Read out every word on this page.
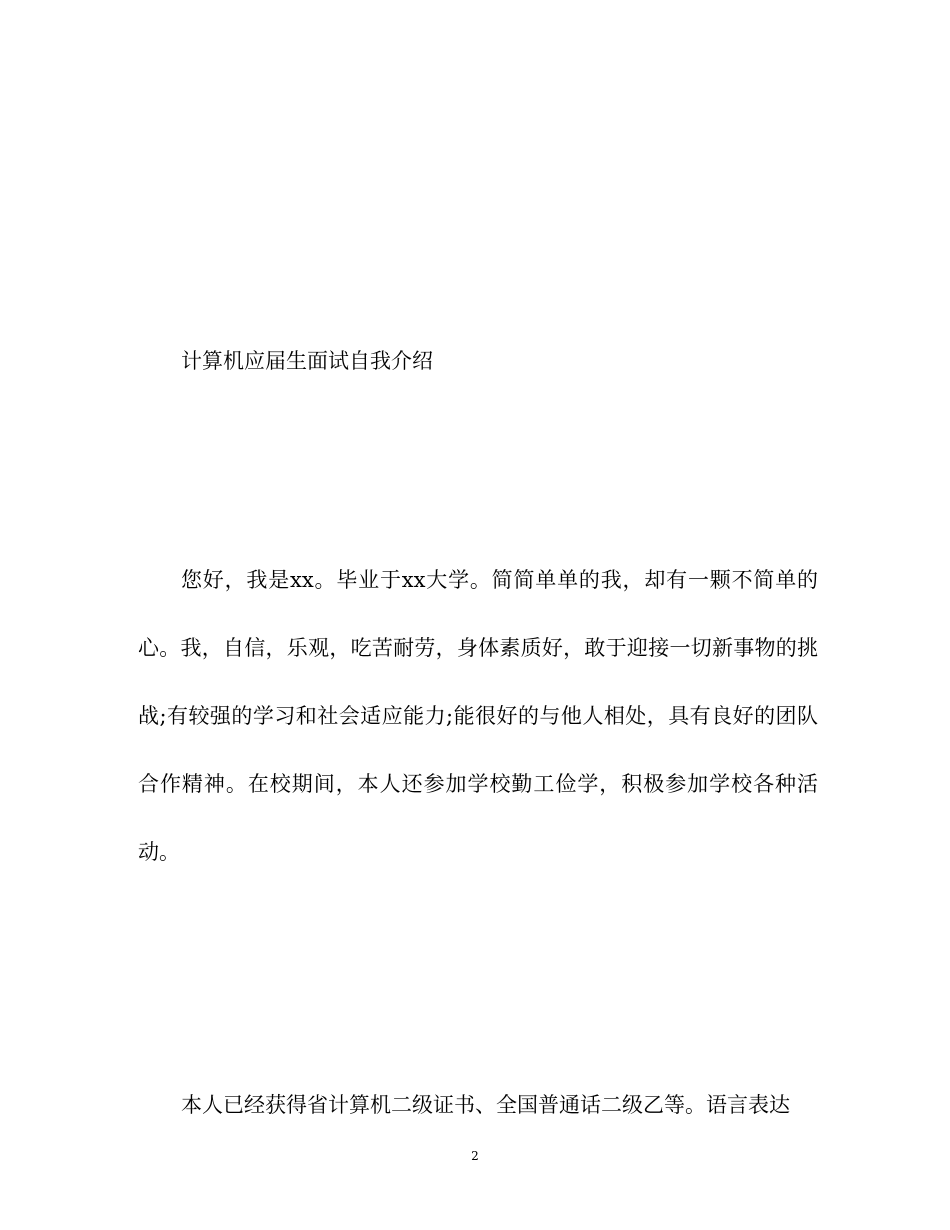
计算机应届生面试自我介绍

您好，我是xx。毕业于xx大学。简简单单的我，却有一颗不简单的心。我，自信，乐观，吃苦耐劳，身体素质好，敢于迎接一切新事物的挑战;有较强的学习和社会适应能力;能很好的与他人相处，具有良好的团队合作精神。在校期间，本人还参加学校勤工俭学，积极参加学校各种活动。

本人已经获得省计算机二级证书、全国普通话二级乙等。语言表达

2
